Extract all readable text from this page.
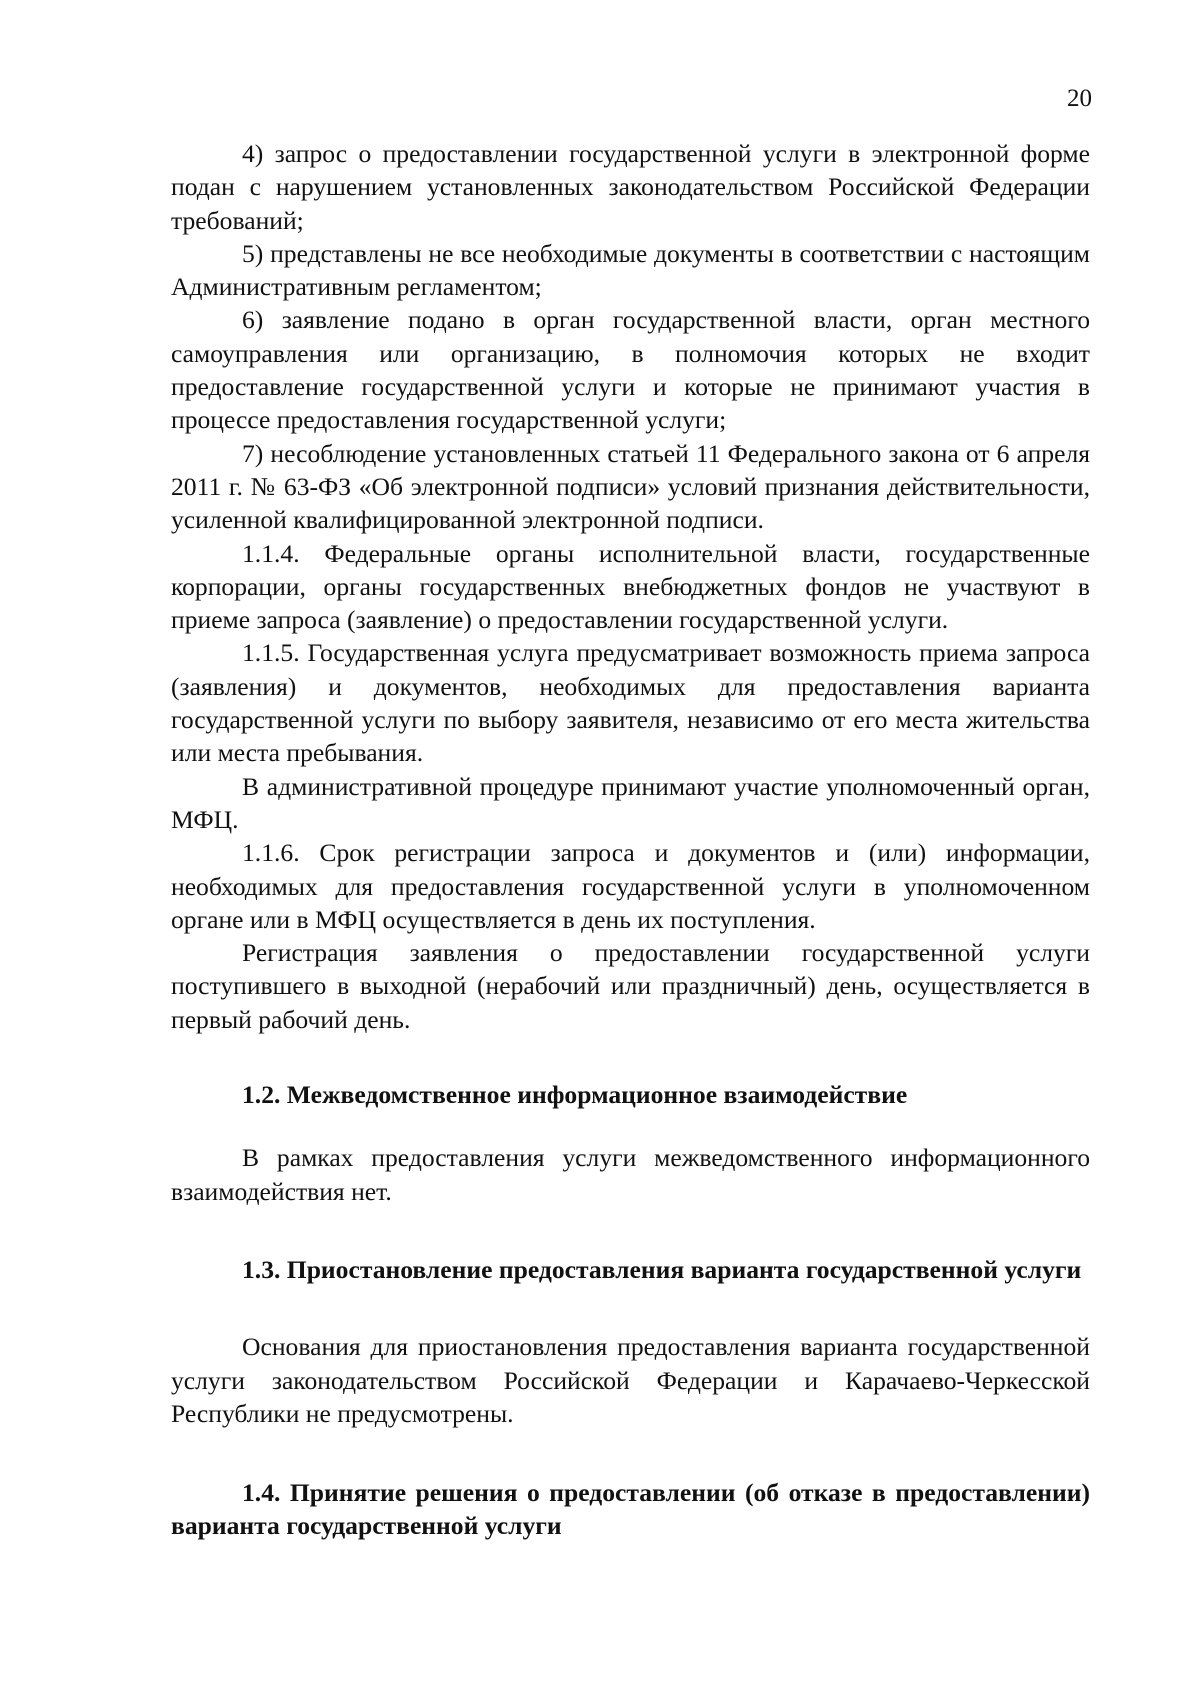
20

4) запрос о предоставлении государственной услуги в электронной форме подан с нарушением установленных законодательством Российской Федерации требований;

5) представлены не все необходимые документы в соответствии с настоящим Административным регламентом;

6) заявление подано в орган государственной власти, орган местного самоуправления или организацию, в полномочия которых не входит предоставление государственной услуги и которые не принимают участия в процессе предоставления государственной услуги;

7) несоблюдение установленных статьей 11 Федерального закона от 6 апреля 2011 г. № 63-ФЗ «Об электронной подписи» условий признания действительности, усиленной квалифицированной электронной подписи.

1.1.4. Федеральные органы исполнительной власти, государственные корпорации, органы государственных внебюджетных фондов не участвуют в приеме запроса (заявление) о предоставлении государственной услуги.

1.1.5. Государственная услуга предусматривает возможность приема запроса (заявления) и документов, необходимых для предоставления варианта государственной услуги по выбору заявителя, независимо от его места жительства или места пребывания.

В административной процедуре принимают участие уполномоченный орган, МФЦ.

1.1.6. Срок регистрации запроса и документов и (или) информации, необходимых для предоставления государственной услуги в уполномоченном органе или в МФЦ осуществляется в день их поступления.

Регистрация заявления о предоставлении государственной услуги поступившего в выходной (нерабочий или праздничный) день, осуществляется в первый рабочий день.

1.2. Межведомственное информационное взаимодействие

В рамках предоставления услуги межведомственного информационного взаимодействия нет.

1.3. Приостановление предоставления варианта государственной услуги

Основания для приостановления предоставления варианта государственной услуги законодательством Российской Федерации и Карачаево-Черкесской Республики не предусмотрены.

1.4. Принятие решения о предоставлении (об отказе в предоставлении) варианта государственной услуги
